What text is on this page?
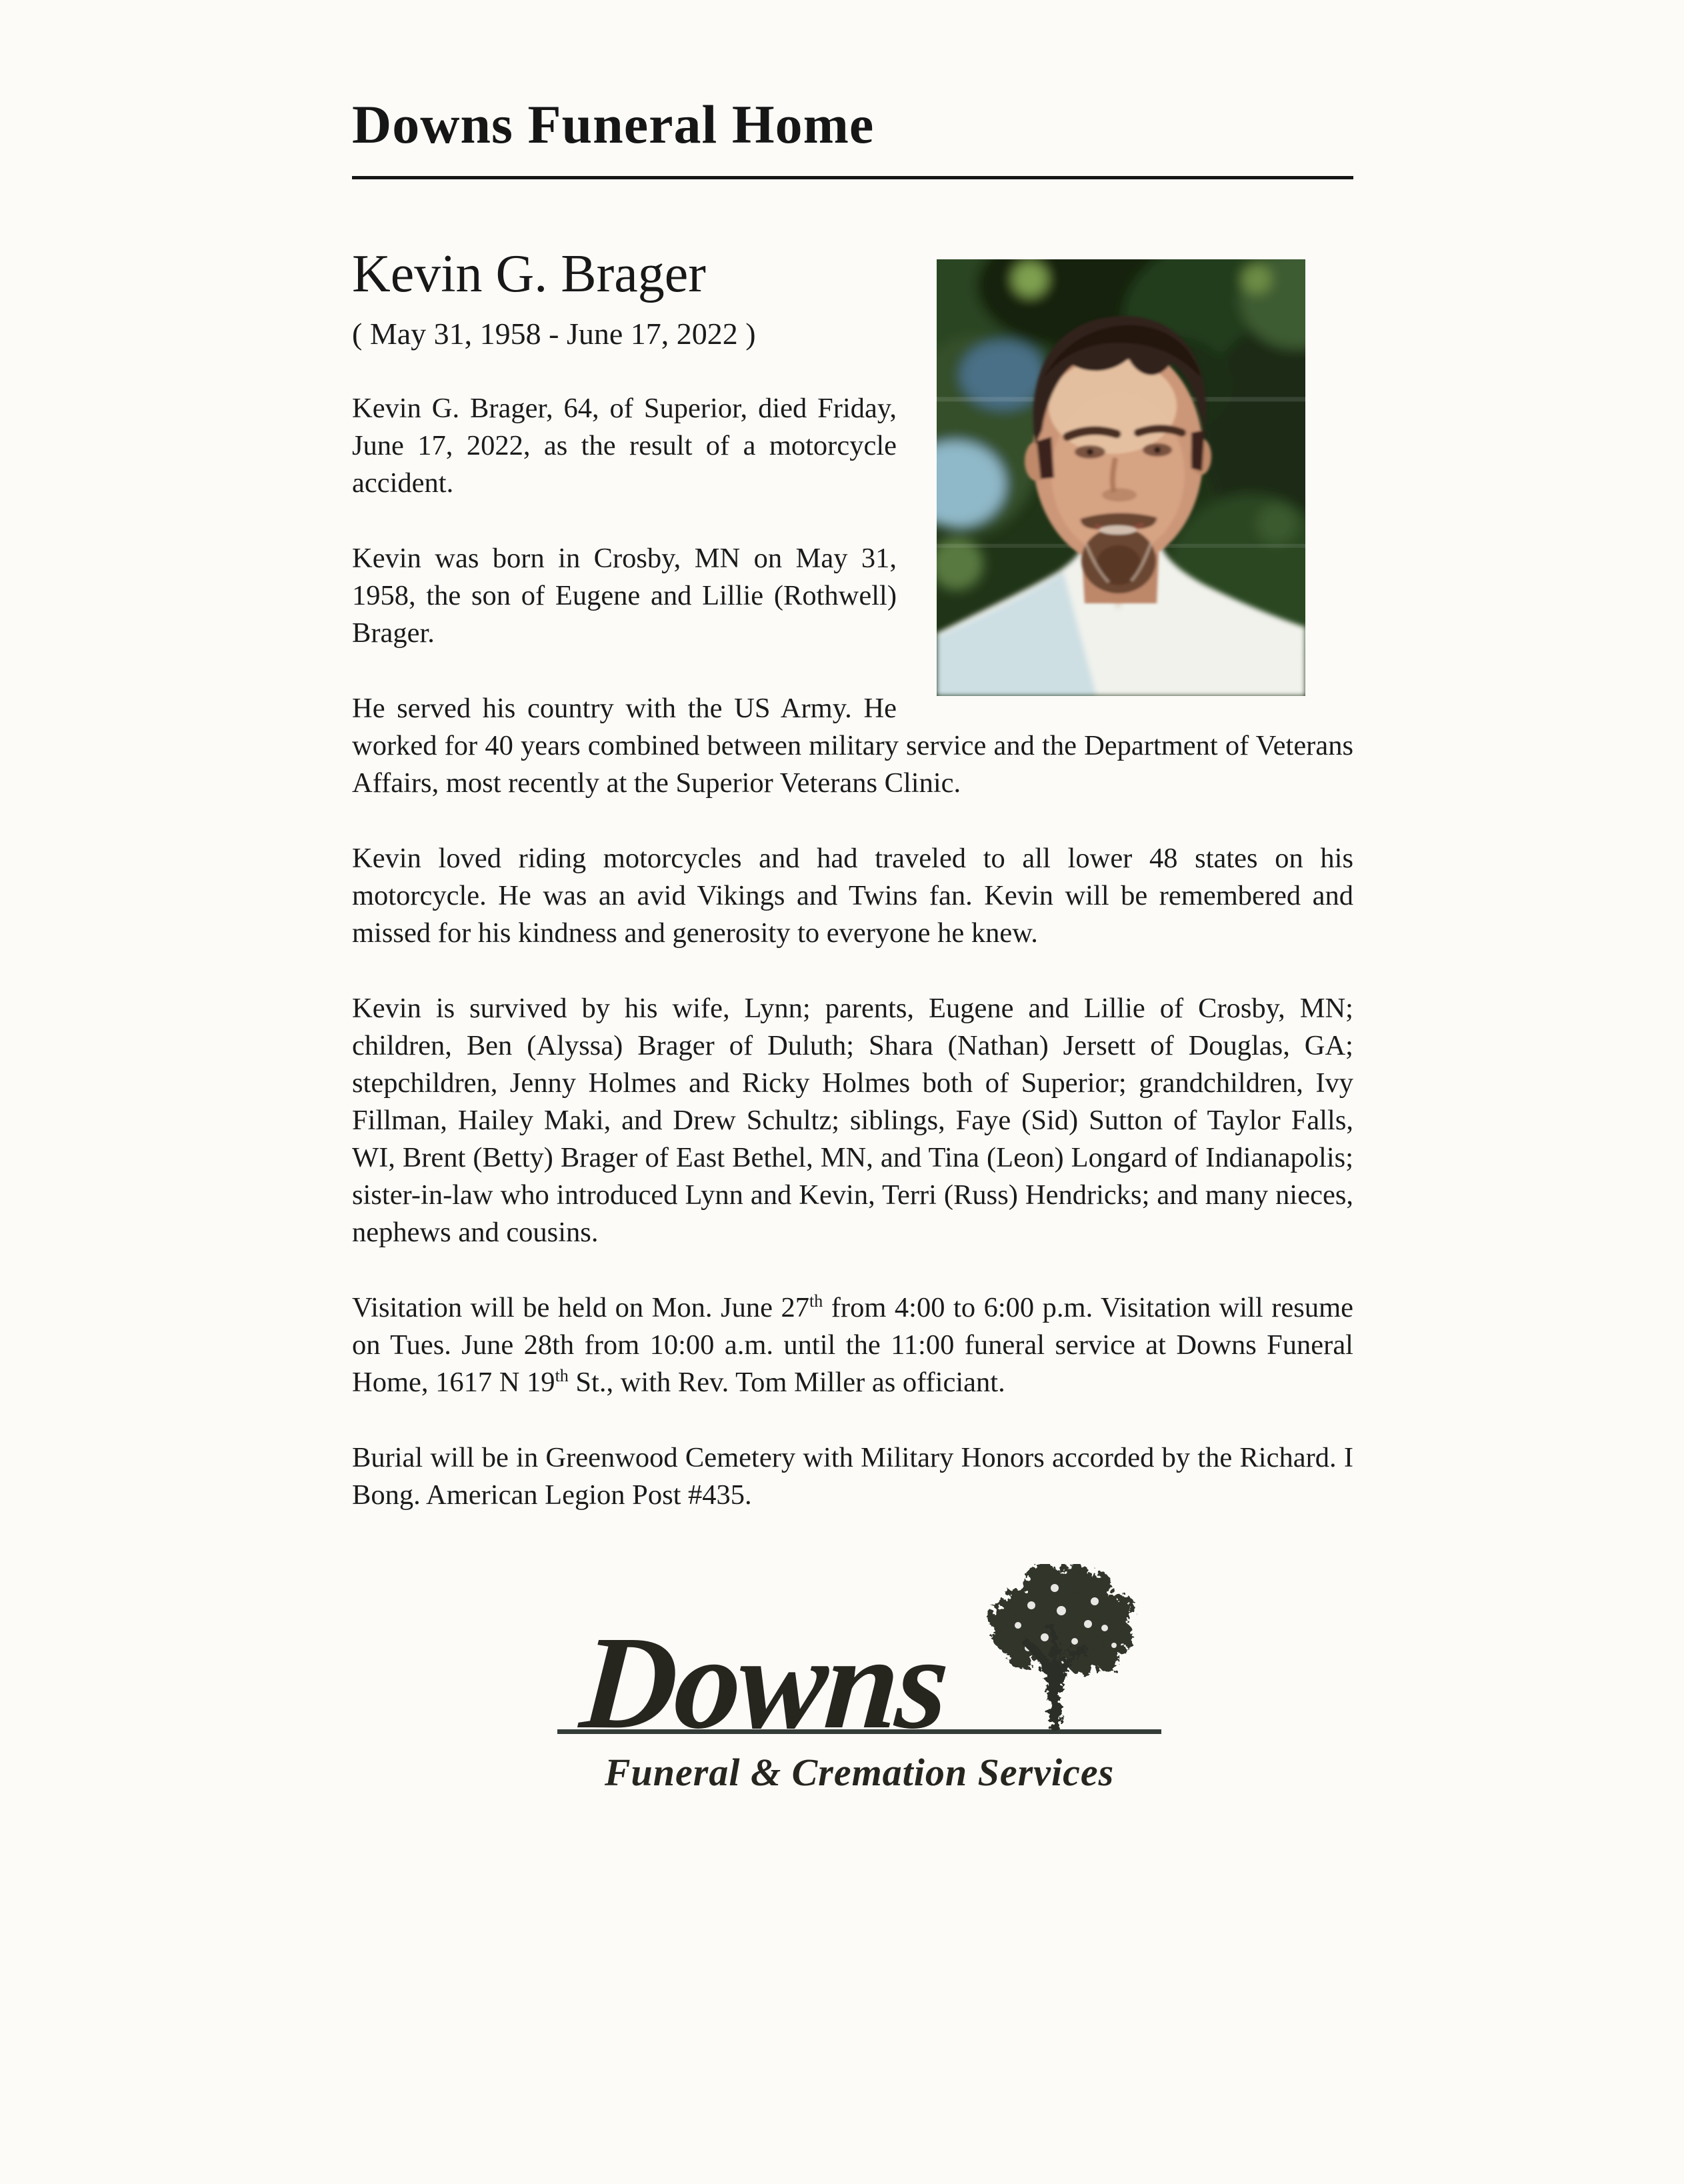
Downs Funeral Home
Kevin G. Brager

( May 31, 1958 - June 17, 2022 )

Kevin G. Brager, 64, of Superior, died Friday, June 17, 2022, as the result of a motorcycle accident.

Kevin was born in Crosby, MN on May 31, 1958, the son of Eugene and Lillie (Rothwell) Brager.

He served his country with the US Army. He worked for 40 years combined between military service and the Department of Veterans Affairs, most recently at the Superior Veterans Clinic.

Kevin loved riding motorcycles and had traveled to all lower 48 states on his motorcycle. He was an avid Vikings and Twins fan. Kevin will be remembered and missed for his kindness and generosity to everyone he knew.

Kevin is survived by his wife, Lynn; parents, Eugene and Lillie of Crosby, MN; children, Ben (Alyssa) Brager of Duluth; Shara (Nathan) Jersett of Douglas, GA; stepchildren, Jenny Holmes and Ricky Holmes both of Superior; grandchildren, Ivy Fillman, Hailey Maki, and Drew Schultz; siblings, Faye (Sid) Sutton of Taylor Falls, WI, Brent (Betty) Brager of East Bethel, MN, and Tina (Leon) Longard of Indianapolis; sister-in-law who introduced Lynn and Kevin, Terri (Russ) Hendricks; and many nieces, nephews and cousins.

Visitation will be held on Mon. June 27th from 4:00 to 6:00 p.m. Visitation will resume on Tues. June 28th from 10:00 a.m. until the 11:00 funeral service at Downs Funeral Home, 1617 N 19th St., with Rev. Tom Miller as officiant.

Burial will be in Greenwood Cemetery with Military Honors accorded by the Richard. I Bong. American Legion Post #435.

Downs
Funeral & Cremation Services
